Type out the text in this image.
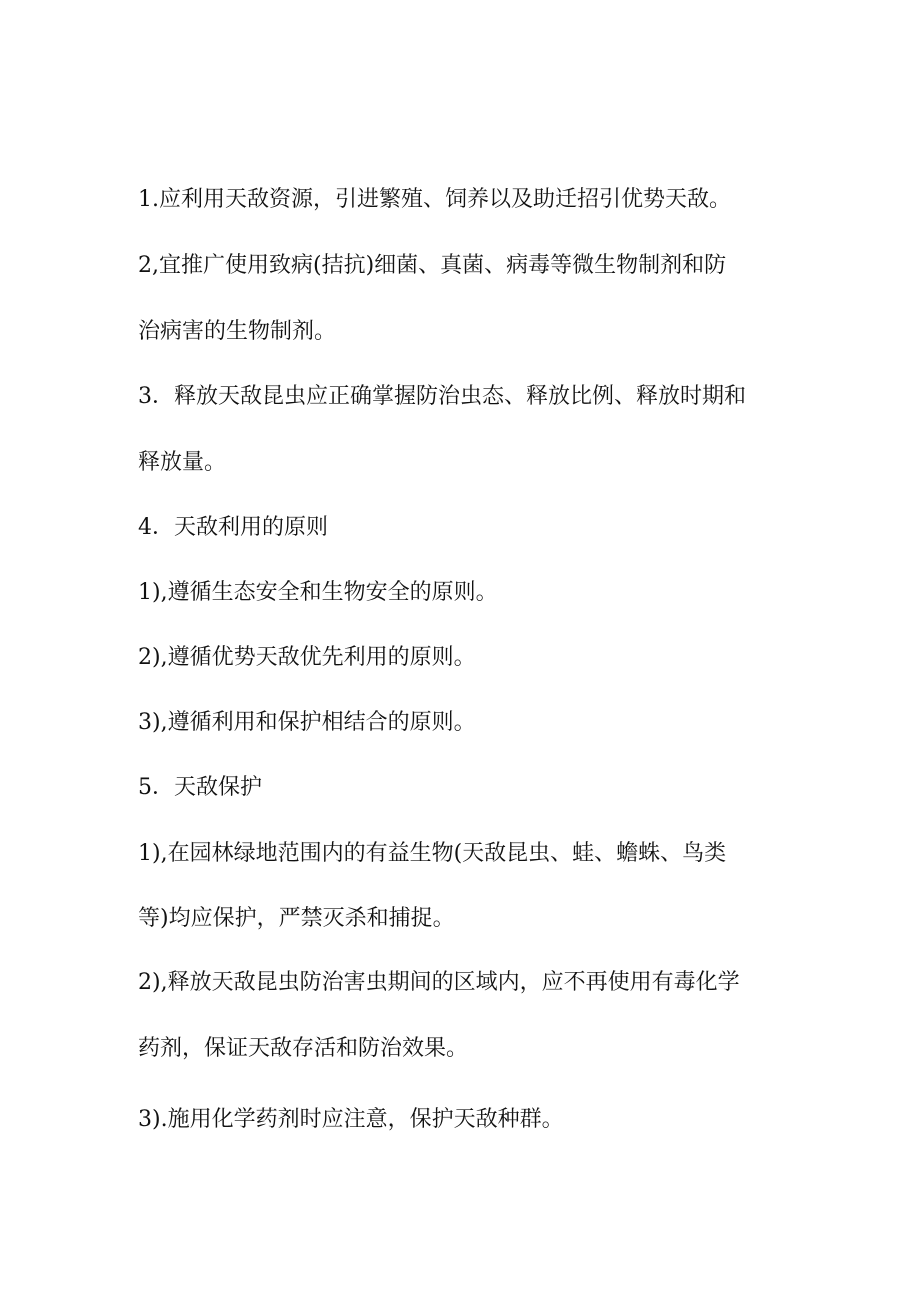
1.应利用天敌资源，引进繁殖、饲养以及助迁招引优势天敌。
2,宜推广使用致病(拮抗)细菌、真菌、病毒等微生物制剂和防
治病害的生物制剂。
3．释放天敌昆虫应正确掌握防治虫态、释放比例、释放时期和
释放量。
4．天敌利用的原则
1),遵循生态安全和生物安全的原则。
2),遵循优势天敌优先利用的原则。
3),遵循利用和保护相结合的原则。
5．天敌保护
1),在园林绿地范围内的有益生物(天敌昆虫、蛙、蟾蛛、鸟类
等)均应保护，严禁灭杀和捕捉。
2),释放天敌昆虫防治害虫期间的区域内，应不再使用有毒化学
药剂，保证天敌存活和防治效果。
3).施用化学药剂时应注意，保护天敌种群。
